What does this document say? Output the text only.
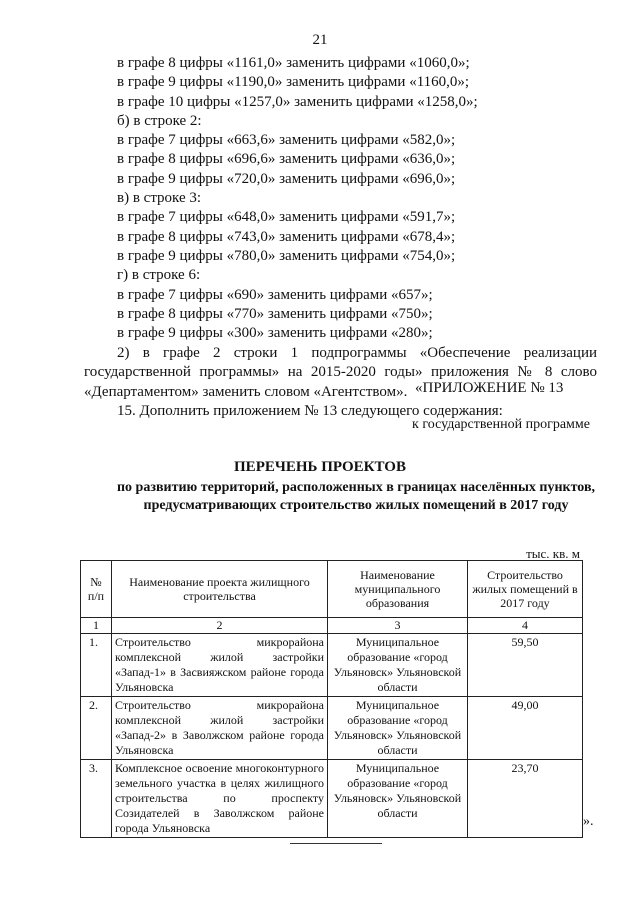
21
в графе 8 цифры «1161,0» заменить цифрами «1060,0»;
в графе 9 цифры «1190,0» заменить цифрами «1160,0»;
в графе 10 цифры «1257,0» заменить цифрами «1258,0»;
б) в строке 2:
в графе 7 цифры «663,6» заменить цифрами «582,0»;
в графе 8 цифры «696,6» заменить цифрами «636,0»;
в графе 9 цифры «720,0» заменить цифрами «696,0»;
в) в строке 3:
в графе 7 цифры «648,0» заменить цифрами «591,7»;
в графе 8 цифры «743,0» заменить цифрами «678,4»;
в графе 9 цифры «780,0» заменить цифрами «754,0»;
г) в строке 6:
в графе 7 цифры «690» заменить цифрами «657»;
в графе 8 цифры «770» заменить цифрами «750»;
в графе 9 цифры «300» заменить цифрами «280»;
2) в графе 2 строки 1 подпрограммы «Обеспечение реализации государственной программы» на 2015-2020 годы» приложения № 8 слово «Департаментом» заменить словом «Агентством».
15. Дополнить приложением № 13 следующего содержания:
«ПРИЛОЖЕНИЕ № 13
к государственной программе
ПЕРЕЧЕНЬ ПРОЕКТОВ
по развитию территорий, расположенных в границах населённых пунктов, предусматривающих строительство жилых помещений в 2017 году
тыс. кв. м
№ п/п	Наименование проекта жилищного строительства	Наименование муниципального образования	Строительство жилых помещений в 2017 году
1	2	3	4
1.	Строительство микрорайона комплексной жилой застройки «Запад-1» в Засвияжском районе города Ульяновска	Муниципальное образование «город Ульяновск» Ульяновской области	59,50
2.	Строительство микрорайона комплексной жилой застройки «Запад-2» в Заволжском районе города Ульяновска	Муниципальное образование «город Ульяновск» Ульяновской области	49,00
3.	Комплексное освоение многоконтурного земельного участка в целях жилищного строительства по проспекту Созидателей в Заволжском районе города Ульяновска	Муниципальное образование «город Ульяновск» Ульяновской области	23,70
».
